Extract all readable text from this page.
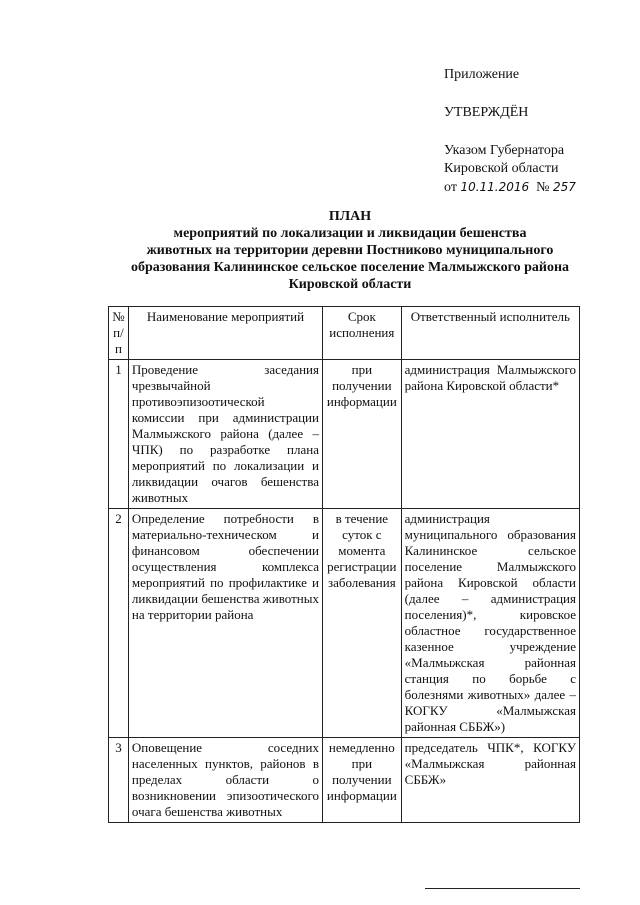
Приложение
УТВЕРЖДЁН
Указом Губернатора
Кировской области
от 10.11.2016 № 257
ПЛАН
мероприятий по локализации и ликвидации бешенства
животных на территории деревни Постниково муниципального
образования Калининское сельское поселение Малмыжского района
Кировской области
№ п/п	Наименование мероприятий	Срок исполнения	Ответственный исполнитель
1	Проведение заседания чрезвычайной противоэпизоотической комиссии при администрации Малмыжского района (далее – ЧПК) по разработке плана мероприятий по локализации и ликвидации очагов бешенства животных	при получении информации	администрация Малмыжского района Кировской области*
2	Определение потребности в материально-техническом и финансовом обеспечении осуществления комплекса мероприятий по профилактике и ликвидации бешенства животных на территории района	в течение суток с момента регистрации заболевания	администрация муниципального образования Калининское сельское поселение Малмыжского района Кировской области (далее – администрация поселения)*, кировское областное государственное казенное учреждение «Малмыжская районная станция по борьбе с болезнями животных» далее – КОГКУ «Малмыжская районная СББЖ»)
3	Оповещение соседних населенных пунктов, районов в пределах области о возникновении эпизоотического очага бешенства животных	немедленно при получении информации	председатель ЧПК*, КОГКУ «Малмыжская районная СББЖ»
